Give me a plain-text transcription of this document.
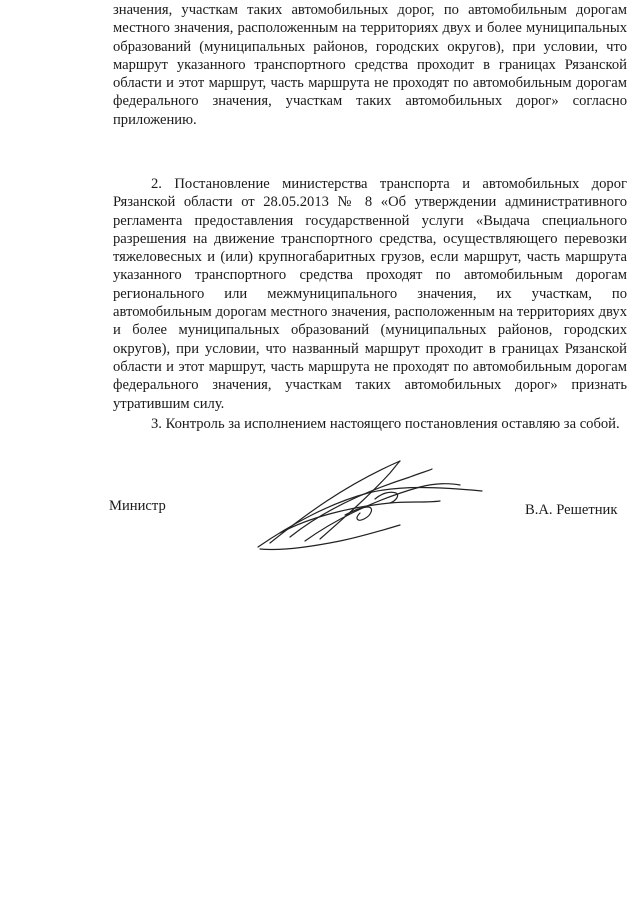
значения, участкам таких автомобильных дорог, по автомобильным дорогам местного значения, расположенным на территориях двух и более муниципальных образований (муниципальных районов, городских округов), при условии, что маршрут указанного транспортного средства проходит в границах Рязанской области и этот маршрут, часть маршрута не проходят по автомобильным дорогам федерального значения, участкам таких автомобильных дорог» согласно приложению.

2. Постановление министерства транспорта и автомобильных дорог Рязанской области от 28.05.2013 № 8 «Об утверждении административного регламента предоставления государственной услуги «Выдача специального разрешения на движение транспортного средства, осуществляющего перевозки тяжеловесных и (или) крупногабаритных грузов, если маршрут, часть маршрута указанного транспортного средства проходят по автомобильным дорогам регионального или межмуниципального значения, их участкам, по автомобильным дорогам местного значения, расположенным на территориях двух и более муниципальных образований (муниципальных районов, городских округов), при условии, что названный маршрут проходит в границах Рязанской области и этот маршрут, часть маршрута не проходят по автомобильным дорогам федерального значения, участкам таких автомобильных дорог» признать утратившим силу.

3. Контроль за исполнением настоящего постановления оставляю за собой.

Министр	В.А. Решетник
